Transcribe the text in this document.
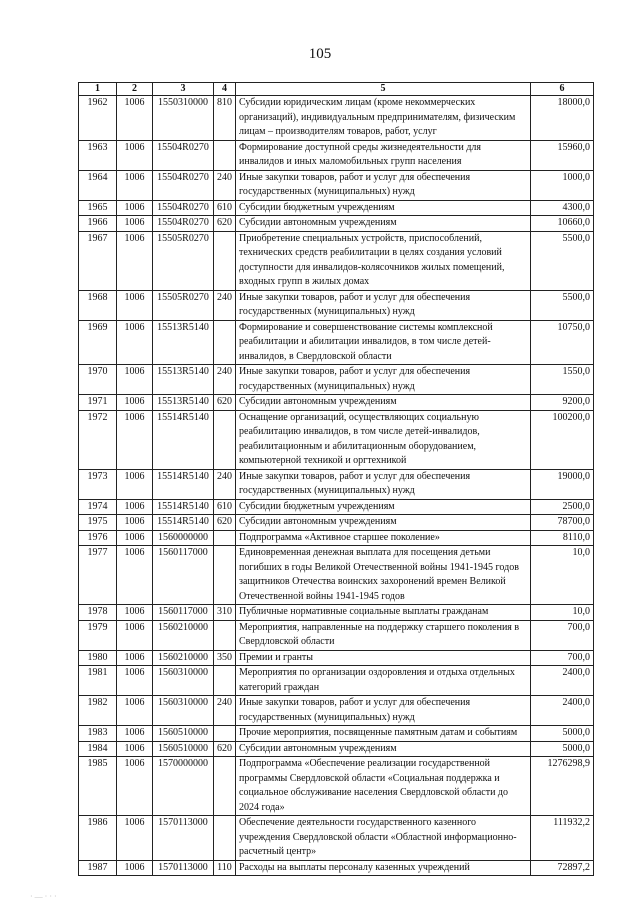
105
1	2	3	4	5	6
1962	1006	1550310000	810	Субсидии юридическим лицам (кроме некоммерческих организаций), индивидуальным предпринимателям, физическим лицам – производителям товаров, работ, услуг	18000,0
1963	1006	15504R0270		Формирование доступной среды жизнедеятельности для инвалидов и иных маломобильных групп населения	15960,0
1964	1006	15504R0270	240	Иные закупки товаров, работ и услуг для обеспечения государственных (муниципальных) нужд	1000,0
1965	1006	15504R0270	610	Субсидии бюджетным учреждениям	4300,0
1966	1006	15504R0270	620	Субсидии автономным учреждениям	10660,0
1967	1006	15505R0270		Приобретение специальных устройств, приспособлений, технических средств реабилитации в целях создания условий доступности для инвалидов-колясочников жилых помещений, входных групп в жилых домах	5500,0
1968	1006	15505R0270	240	Иные закупки товаров, работ и услуг для обеспечения государственных (муниципальных) нужд	5500,0
1969	1006	15513R5140		Формирование и совершенствование системы комплексной реабилитации и абилитации инвалидов, в том числе детей-инвалидов, в Свердловской области	10750,0
1970	1006	15513R5140	240	Иные закупки товаров, работ и услуг для обеспечения государственных (муниципальных) нужд	1550,0
1971	1006	15513R5140	620	Субсидии автономным учреждениям	9200,0
1972	1006	15514R5140		Оснащение организаций, осуществляющих социальную реабилитацию инвалидов, в том числе детей-инвалидов, реабилитационным и абилитационным оборудованием, компьютерной техникой и оргтехникой	100200,0
1973	1006	15514R5140	240	Иные закупки товаров, работ и услуг для обеспечения государственных (муниципальных) нужд	19000,0
1974	1006	15514R5140	610	Субсидии бюджетным учреждениям	2500,0
1975	1006	15514R5140	620	Субсидии автономным учреждениям	78700,0
1976	1006	1560000000		Подпрограмма «Активное старшее поколение»	8110,0
1977	1006	1560117000		Единовременная денежная выплата для посещения детьми погибших в годы Великой Отечественной войны 1941-1945 годов защитников Отечества воинских захоронений времен Великой Отечественной войны 1941-1945 годов	10,0
1978	1006	1560117000	310	Публичные нормативные социальные выплаты гражданам	10,0
1979	1006	1560210000		Мероприятия, направленные на поддержку старшего поколения в Свердловской области	700,0
1980	1006	1560210000	350	Премии и гранты	700,0
1981	1006	1560310000		Мероприятия по организации оздоровления и отдыха отдельных категорий граждан	2400,0
1982	1006	1560310000	240	Иные закупки товаров, работ и услуг для обеспечения государственных (муниципальных) нужд	2400,0
1983	1006	1560510000		Прочие мероприятия, посвященные памятным датам и событиям	5000,0
1984	1006	1560510000	620	Субсидии автономным учреждениям	5000,0
1985	1006	1570000000		Подпрограмма «Обеспечение реализации государственной программы Свердловской области «Социальная поддержка и социальное обслуживание населения Свердловской области до 2024 года»	1276298,9
1986	1006	1570113000		Обеспечение деятельности государственного казенного учреждения Свердловской области «Областной информационно-расчетный центр»	111932,2
1987	1006	1570113000	110	Расходы на выплаты персоналу казенных учреждений	72897,2
· — · · ·
